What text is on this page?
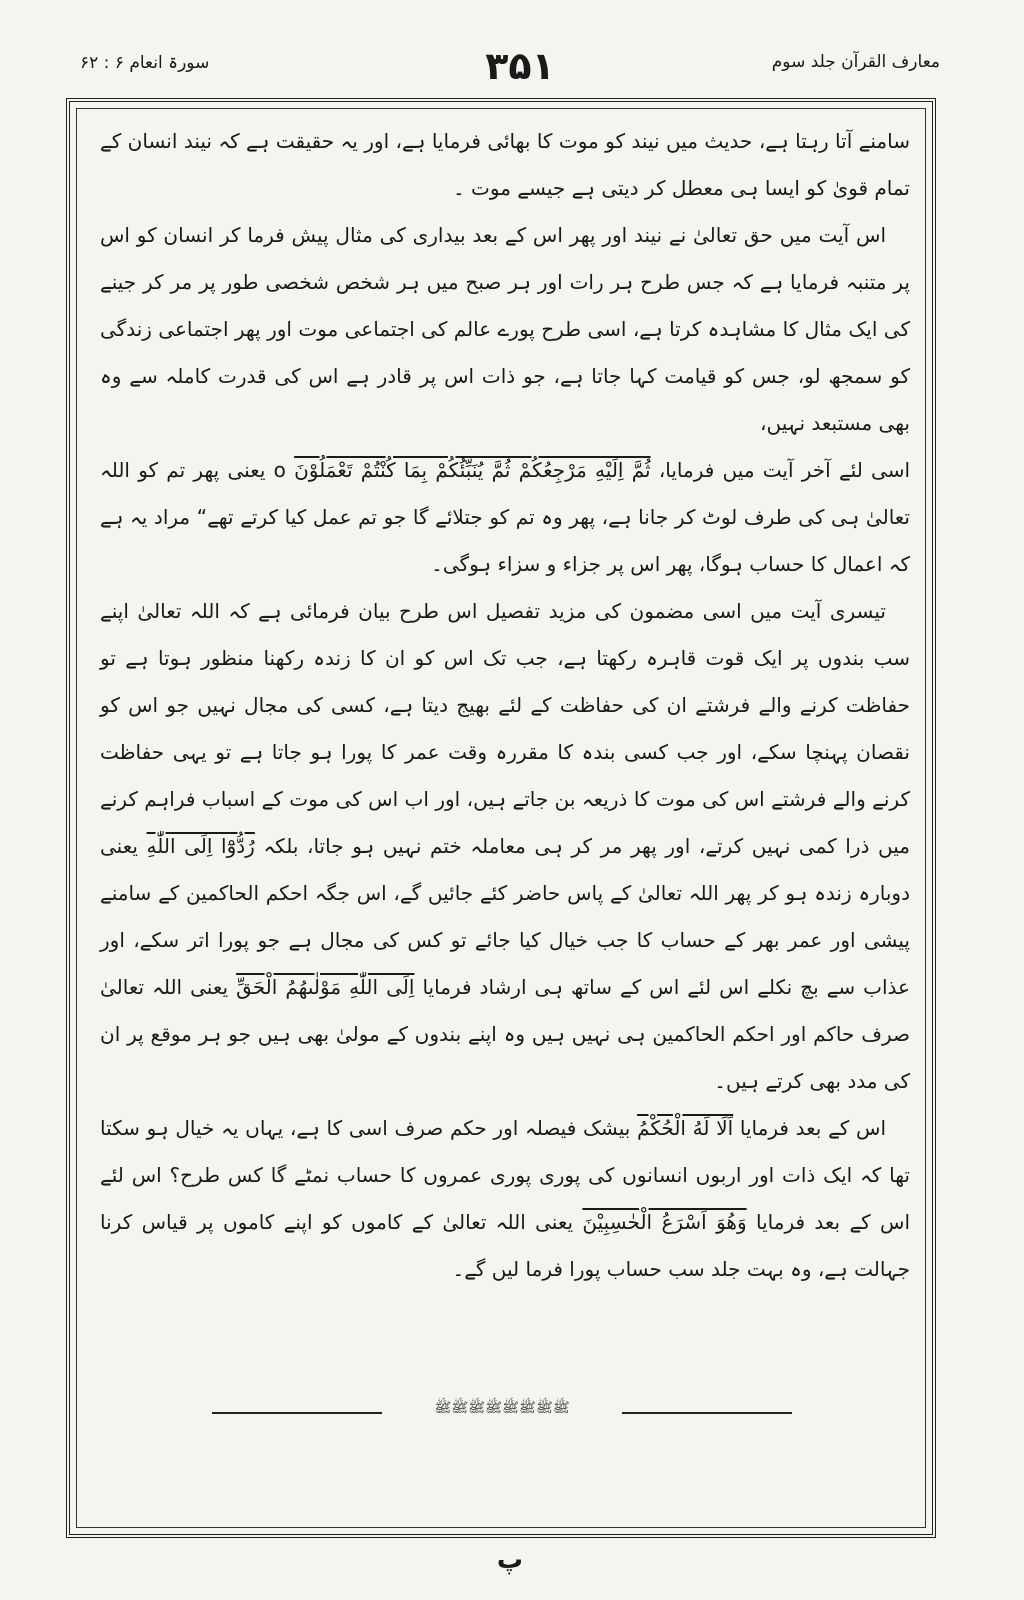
سورۃ انعام ۶ : ۶۲	۳۵۱	معارف القرآن جلد سوم

سامنے آتا رہتا ہے، حدیث میں نیند کو موت کا بھائی فرمایا ہے، اور یہ حقیقت ہے کہ نیند انسان کے تمام قویٰ کو ایسا ہی معطل کر دیتی ہے جیسے موت ۔

اس آیت میں حق تعالیٰ نے نیند اور پھر اس کے بعد بیداری کی مثال پیش فرما کر انسان کو اس پر متنبہ فرمایا ہے کہ جس طرح ہر رات اور ہر صبح میں ہر شخص شخصی طور پر مر کر جینے کی ایک مثال کا مشاہدہ کرتا ہے، اسی طرح پورے عالم کی اجتماعی موت اور پھر اجتماعی زندگی کو سمجھ لو، جس کو قیامت کہا جاتا ہے، جو ذات اس پر قادر ہے اس کی قدرت کاملہ سے وہ بھی مستبعد نہیں،

اسی لئے آخر آیت میں فرمایا، ثُمَّ اِلَیْهِ مَرْجِعُكُمْ ثُمَّ یُنَبِّئُكُمْ بِمَا كُنْتُمْ تَعْمَلُوْنَ o یعنی پھر تم کو اللہ تعالیٰ ہی کی طرف لوٹ کر جانا ہے، پھر وہ تم کو جتلائے گا جو تم عمل کیا کرتے تھے“ مراد یہ ہے کہ اعمال کا حساب ہوگا، پھر اس پر جزاء و سزاء ہوگی۔

تیسری آیت میں اسی مضمون کی مزید تفصیل اس طرح بیان فرمائی ہے کہ اللہ تعالیٰ اپنے سب بندوں پر ایک قوت قاہرہ رکھتا ہے، جب تک اس کو ان کا زندہ رکھنا منظور ہوتا ہے تو حفاظت کرنے والے فرشتے ان کی حفاظت کے لئے بھیج دیتا ہے، کسی کی مجال نہیں جو اس کو نقصان پہنچا سکے، اور جب کسی بندہ کا مقررہ وقت عمر کا پورا ہو جاتا ہے تو یہی حفاظت کرنے والے فرشتے اس کی موت کا ذریعہ بن جاتے ہیں، اور اب اس کی موت کے اسباب فراہم کرنے میں ذرا کمی نہیں کرتے، اور پھر مر کر ہی معاملہ ختم نہیں ہو جاتا، بلکہ رُدُّوْٓا اِلَى اللّٰهِ یعنی دوبارہ زندہ ہو کر پھر اللہ تعالیٰ کے پاس حاضر کئے جائیں گے، اس جگہ احکم الحاکمین کے سامنے پیشی اور عمر بھر کے حساب کا جب خیال کیا جائے تو کس کی مجال ہے جو پورا اتر سکے، اور عذاب سے بچ نکلے اس لئے اس کے ساتھ ہی ارشاد فرمایا اِلَى اللّٰهِ مَوْلٰىهُمُ الْحَقِّ یعنی اللہ تعالیٰ صرف حاکم اور احکم الحاکمین ہی نہیں ہیں وہ اپنے بندوں کے مولیٰ بھی ہیں جو ہر موقع پر ان کی مدد بھی کرتے ہیں۔

اس کے بعد فرمایا اَلَا لَهُ الْحُكْمُ بیشک فیصلہ اور حکم صرف اسی کا ہے، یہاں یہ خیال ہو سکتا تھا کہ ایک ذات اور اربوں انسانوں کی پوری پوری عمروں کا حساب نمٹے گا کس طرح؟ اس لئے اس کے بعد فرمایا وَهُوَ اَسْرَعُ الْحٰسِبِيْنَ یعنی اللہ تعالیٰ کے کاموں کو اپنے کاموں پر قیاس کرنا جہالت ہے، وہ بہت جلد سب حساب پورا فرما لیں گے۔

ﷺﷺﷺﷺﷺﷺﷺﷺ
پ
